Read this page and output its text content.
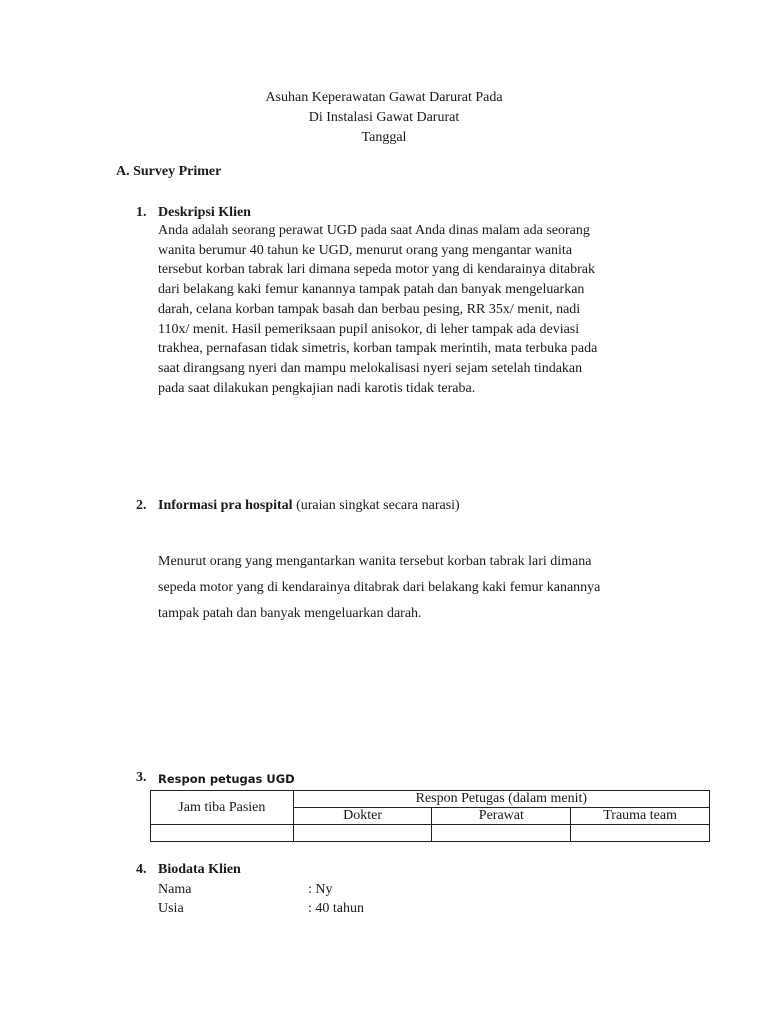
Asuhan Keperawatan Gawat Darurat Pada
Di Instalasi Gawat Darurat
Tanggal
A. Survey Primer
1. Deskripsi Klien
Anda adalah seorang perawat UGD pada saat Anda dinas malam ada seorang
wanita berumur 40 tahun ke UGD, menurut orang yang mengantar wanita
tersebut korban tabrak lari dimana sepeda motor yang di kendarainya ditabrak
dari belakang kaki femur kanannya tampak patah dan banyak mengeluarkan
darah, celana korban tampak basah dan berbau pesing, RR 35x/ menit, nadi
110x/ menit. Hasil pemeriksaan pupil anisokor, di leher tampak ada deviasi
trakhea, pernafasan tidak simetris, korban tampak merintih, mata terbuka pada
saat dirangsang nyeri dan mampu melokalisasi nyeri sejam setelah tindakan
pada saat dilakukan pengkajian nadi karotis tidak teraba.
2. Informasi pra hospital (uraian singkat secara narasi)
Menurut orang yang mengantarkan wanita tersebut korban tabrak lari dimana
sepeda motor yang di kendarainya ditabrak dari belakang kaki femur kanannya
tampak patah dan banyak mengeluarkan darah.
3. Respon petugas UGD
Jam tiba Pasien	Respon Petugas (dalam menit)		
	Dokter	Perawat	Trauma team

4. Biodata Klien
Nama	: Ny
Usia	: 40 tahun
